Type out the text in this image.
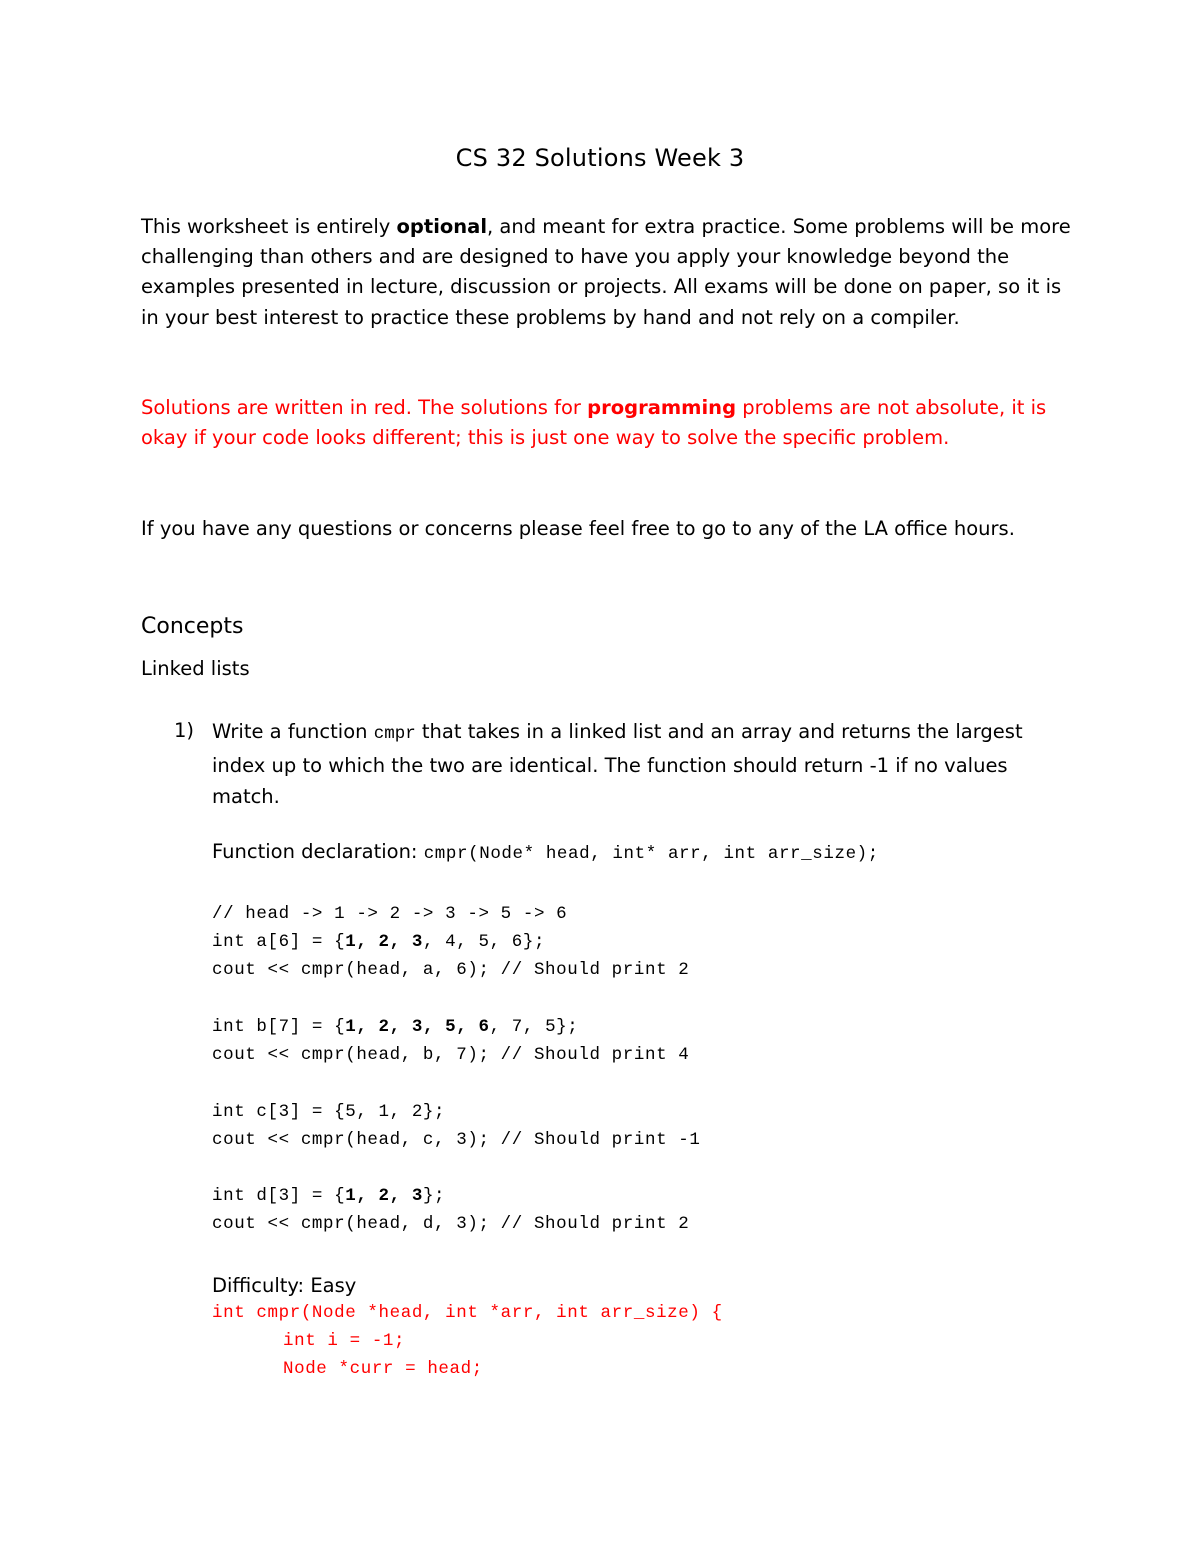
CS 32 Solutions Week 3
This worksheet is entirely optional, and meant for extra practice. Some problems will be more challenging than others and are designed to have you apply your knowledge beyond the examples presented in lecture, discussion or projects. All exams will be done on paper, so it is in your best interest to practice these problems by hand and not rely on a compiler.
Solutions are written in red. The solutions for programming problems are not absolute, it is okay if your code looks different; this is just one way to solve the specific problem.
If you have any questions or concerns please feel free to go to any of the LA office hours.
Concepts
Linked lists
1) Write a function cmpr that takes in a linked list and an array and returns the largest index up to which the two are identical. The function should return -1 if no values match.
Function declaration: cmpr(Node* head, int* arr, int arr_size);
// head -> 1 -> 2 -> 3 -> 5 -> 6
int a[6] = {1, 2, 3, 4, 5, 6};
cout << cmpr(head, a, 6); // Should print 2
int b[7] = {1, 2, 3, 5, 6, 7, 5};
cout << cmpr(head, b, 7); // Should print 4
int c[3] = {5, 1, 2};
cout << cmpr(head, c, 3); // Should print -1
int d[3] = {1, 2, 3};
cout << cmpr(head, d, 3); // Should print 2
Difficulty: Easy
int cmpr(Node *head, int *arr, int arr_size) {
int i = -1;
Node *curr = head;
